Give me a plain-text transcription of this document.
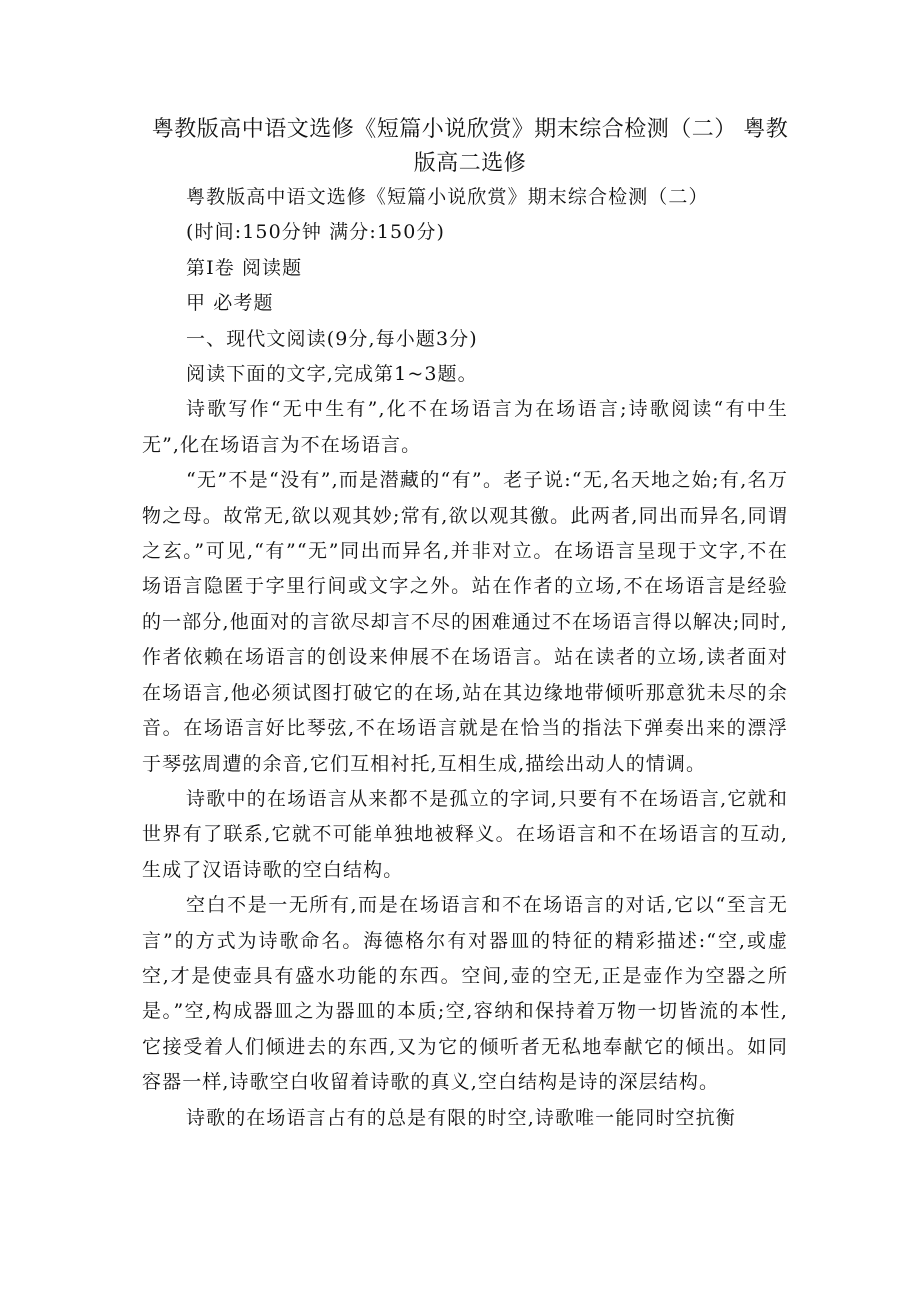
粤教版高中语文选修《短篇小说欣赏》期末综合检测（二） 粤教版高二选修

粤教版高中语文选修《短篇小说欣赏》期末综合检测（二）

(时间:150分钟 满分:150分)

第Ⅰ卷 阅读题

甲 必考题

一、现代文阅读(9分,每小题3分)

阅读下面的文字,完成第1~3题。

诗歌写作“无中生有”,化不在场语言为在场语言;诗歌阅读“有中生无”,化在场语言为不在场语言。

“无”不是“没有”,而是潜藏的“有”。老子说:“无,名天地之始;有,名万物之母。故常无,欲以观其妙;常有,欲以观其徼。此两者,同出而异名,同谓之玄。”可见,“有”“无”同出而异名,并非对立。在场语言呈现于文字,不在场语言隐匿于字里行间或文字之外。站在作者的立场,不在场语言是经验的一部分,他面对的言欲尽却言不尽的困难通过不在场语言得以解决;同时,作者依赖在场语言的创设来伸展不在场语言。站在读者的立场,读者面对在场语言,他必须试图打破它的在场,站在其边缘地带倾听那意犹未尽的余音。在场语言好比琴弦,不在场语言就是在恰当的指法下弹奏出来的漂浮于琴弦周遭的余音,它们互相衬托,互相生成,描绘出动人的情调。

诗歌中的在场语言从来都不是孤立的字词,只要有不在场语言,它就和世界有了联系,它就不可能单独地被释义。在场语言和不在场语言的互动,生成了汉语诗歌的空白结构。

空白不是一无所有,而是在场语言和不在场语言的对话,它以“至言无言”的方式为诗歌命名。海德格尔有对器皿的特征的精彩描述:“空,或虚空,才是使壶具有盛水功能的东西。空间,壶的空无,正是壶作为空器之所是。”空,构成器皿之为器皿的本质;空,容纳和保持着万物一切皆流的本性,它接受着人们倾进去的东西,又为它的倾听者无私地奉献它的倾出。如同容器一样,诗歌空白收留着诗歌的真义,空白结构是诗的深层结构。

诗歌的在场语言占有的总是有限的时空,诗歌唯一能同时空抗衡
